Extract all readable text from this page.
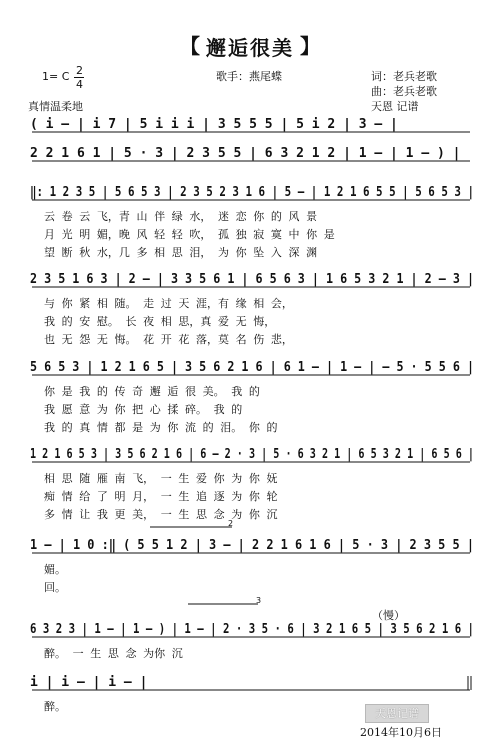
【 邂逅很美 】
1= C 2
4
歌手：燕尾蝶	词：老兵老歌
曲：老兵老歌
真情温柔地	天恩 记谱
（慢）
2
3
( i – | i 7 | 5 i i i | 3 5 5 5 | 5 i 2 | 3 – |
2 2 1 6 1 | 5 · 3 | 2 3 5 5 | 6 3 2 1 2 | 1 – | 1 – ) |
‖: 1 2 3 5 | 5 6 5 3 | 2 3 5 2 3 1 6 | 5 – | 1 2 1 6 5 5 | 5 6 5 3 |
云 卷 云 飞，青 山 伴 绿 水， 迷 恋 你 的 风 景
月 光 明 媚，晚 风 轻 轻 吹， 孤 独 寂 寞 中 你 是
望 断 秋 水，几 多 相 思 泪， 为 你 坠 入 深 渊
2 3 5 1 6 3 | 2 – | 3 3 5 6 1 | 6 5 6 3 | 1 6 5 3 2 1 | 2 – 3 |
与 你 紧 相 随。 走 过 天 涯，有 缘 相 会，
我 的 安 慰。 长 夜 相 思，真 爱 无 悔，
也 无 怨 无 悔。 花 开 花 落，莫 名 伤 悲，
5 6 5 3 | 1 2 1 6 5 | 3 5 6 2 1 6 | 6 1 – | 1 – | – 5 · 5 5 6 |
你 是 我 的 传 奇 邂 逅 很 美。 我 的
我 愿 意 为 你 把 心 揉 碎。 我 的
我 的 真 情 都 是 为 你 流 的 泪。 你 的
1 2 1 6 5 3 | 3 5 6 2 1 6 | 6 – 2 · 3 | 5 · 6 3 2 1 | 6 5 3 2 1 | 6 5 6 |
相 思 随 雁 南 飞， 一 生 爱 你 为 你 妩
痴 情 给 了 明 月， 一 生 追 逐 为 你 轮
多 情 让 我 更 美， 一 生 思 念 为 你 沉
1 – | 1 0 :‖ ( 5 5 1 2 | 3 – | 2 2 1 6 1 6 | 5 · 3 | 2 3 5 5 |
媚。
回。
6 3 2 3 | 1 – | 1 – ) | 1 – | 2 · 3 5 · 6 | 3 2 1 6 5 | 3 5 6 2 1 6 |
醉。 一 生 思 念 为你 沉
i | i – | i – |
醉。
天恩记谱
2014年10月6日
